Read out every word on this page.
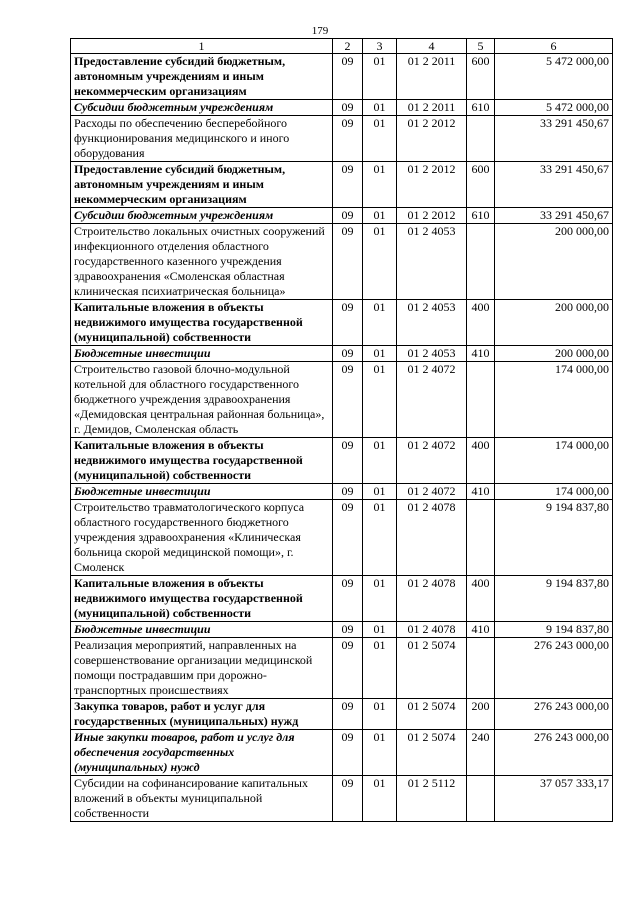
179
1	2	3	4	5	6
Предоставление субсидий бюджетным, автономным учреждениям и иным некоммерческим организациям	09	01	01 2 2011	600	5 472 000,00
Субсидии бюджетным учреждениям	09	01	01 2 2011	610	5 472 000,00
Расходы по обеспечению бесперебойного функционирования медицинского и иного оборудования	09	01	01 2 2012		33 291 450,67
Предоставление субсидий бюджетным, автономным учреждениям и иным некоммерческим организациям	09	01	01 2 2012	600	33 291 450,67
Субсидии бюджетным учреждениям	09	01	01 2 2012	610	33 291 450,67
Строительство локальных очистных сооружений инфекционного отделения областного государственного казенного учреждения здравоохранения «Смоленская областная клиническая психиатрическая больница»	09	01	01 2 4053		200 000,00
Капитальные вложения в объекты недвижимого имущества государственной (муниципальной) собственности	09	01	01 2 4053	400	200 000,00
Бюджетные инвестиции	09	01	01 2 4053	410	200 000,00
Строительство газовой блочно-модульной котельной для областного государственного бюджетного учреждения здравоохранения «Демидовская центральная районная больница», г. Демидов, Смоленская область	09	01	01 2 4072		174 000,00
Капитальные вложения в объекты недвижимого имущества государственной (муниципальной) собственности	09	01	01 2 4072	400	174 000,00
Бюджетные инвестиции	09	01	01 2 4072	410	174 000,00
Строительство травматологического корпуса областного государственного бюджетного учреждения здравоохранения «Клиническая больница скорой медицинской помощи», г. Смоленск	09	01	01 2 4078		9 194 837,80
Капитальные вложения в объекты недвижимого имущества государственной (муниципальной) собственности	09	01	01 2 4078	400	9 194 837,80
Бюджетные инвестиции	09	01	01 2 4078	410	9 194 837,80
Реализация мероприятий, направленных на совершенствование организации медицинской помощи пострадавшим при дорожно-транспортных происшествиях	09	01	01 2 5074		276 243 000,00
Закупка товаров, работ и услуг для государственных (муниципальных) нужд	09	01	01 2 5074	200	276 243 000,00
Иные закупки товаров, работ и услуг для обеспечения государственных (муниципальных) нужд	09	01	01 2 5074	240	276 243 000,00
Субсидии на софинансирование капитальных вложений в объекты муниципальной собственности	09	01	01 2 5112		37 057 333,17
